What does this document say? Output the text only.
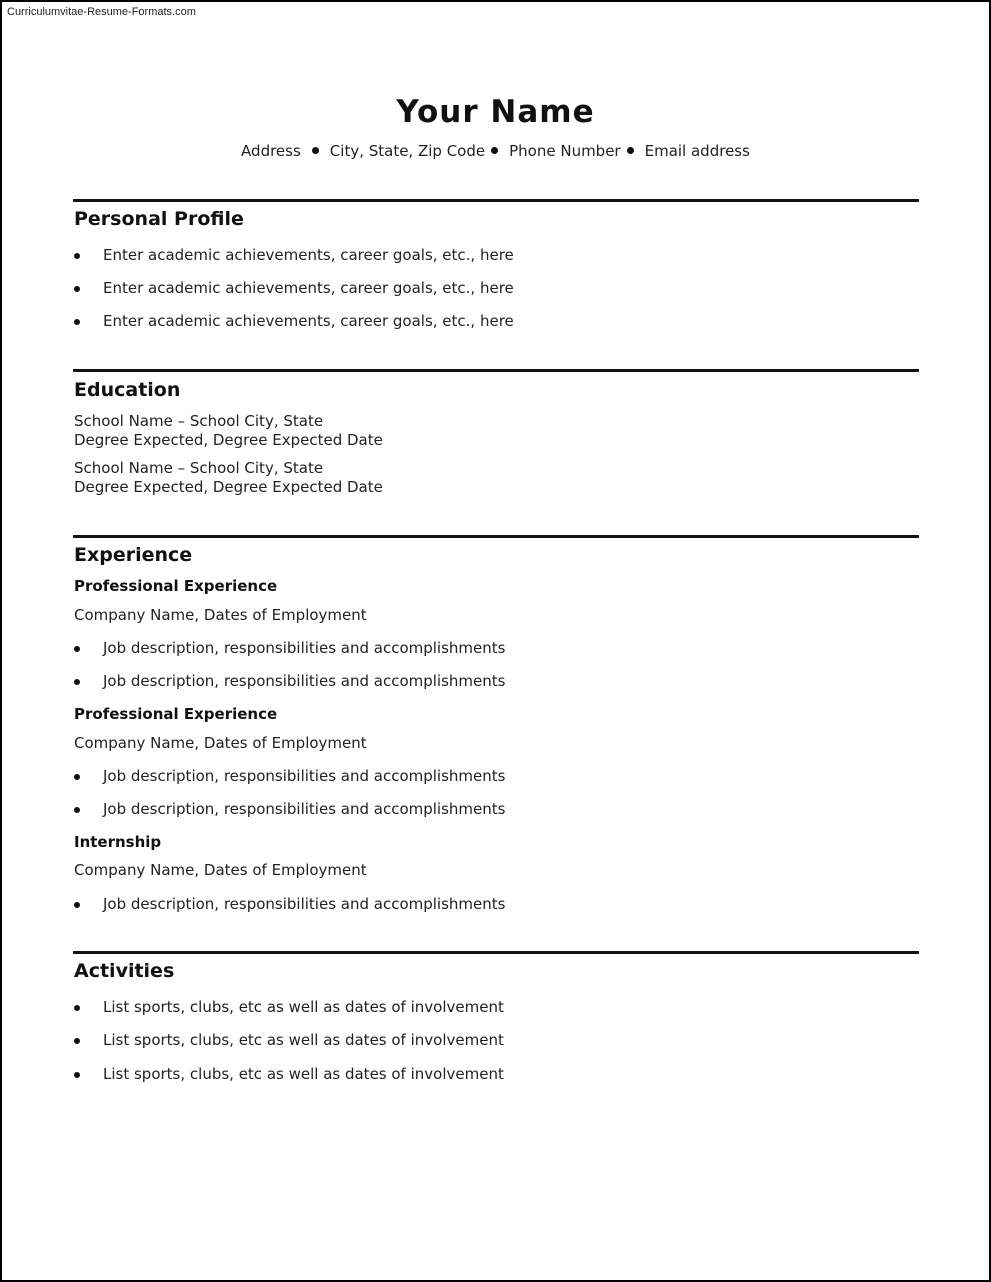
Curriculumvitae-Resume-Formats.com
Your Name
Address City, State, Zip Code Phone Number Email address
Personal Profile
Enter academic achievements, career goals, etc., here
Enter academic achievements, career goals, etc., here
Enter academic achievements, career goals, etc., here
Education
School Name – School City, State
Degree Expected, Degree Expected Date
School Name – School City, State
Degree Expected, Degree Expected Date
Experience
Professional Experience
Company Name, Dates of Employment
Job description, responsibilities and accomplishments
Job description, responsibilities and accomplishments
Professional Experience
Company Name, Dates of Employment
Job description, responsibilities and accomplishments
Job description, responsibilities and accomplishments
Internship
Company Name, Dates of Employment
Job description, responsibilities and accomplishments
Activities
List sports, clubs, etc as well as dates of involvement
List sports, clubs, etc as well as dates of involvement
List sports, clubs, etc as well as dates of involvement
